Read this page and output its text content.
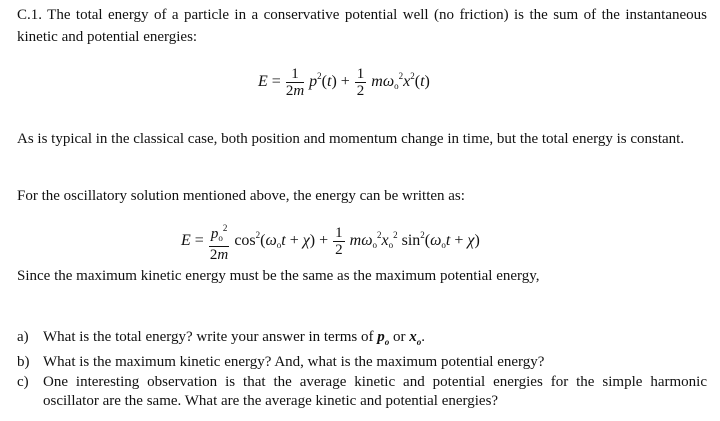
C.1. The total energy of a particle in a conservative potential well (no friction) is the sum of the instantaneous kinetic and potential energies:

$E = \frac{1}{2m} p^2(t) + \frac{1}{2} m\omega_o^2x^2(t)$

As is typical in the classical case, both position and momentum change in time, but the total energy is constant.

For the oscillatory solution mentioned above, the energy can be written as:

$E = \frac{p_o^2}{2m} \cos^2(\omega_ot + \chi) + \frac{1}{2} m\omega_o^2x_o^2$ $\sin^2(\omega_ot + \chi)$

Since the maximum kinetic energy must be the same as the maximum potential energy,

a) What is the total energy? write your answer in terms of $p_o$ or $x_o$.
b) What is the maximum kinetic energy? And, what is the maximum potential energy?
c) One interesting observation is that the average kinetic and potential energies for the simple harmonic oscillator are the same. What are the average kinetic and potential energies?
